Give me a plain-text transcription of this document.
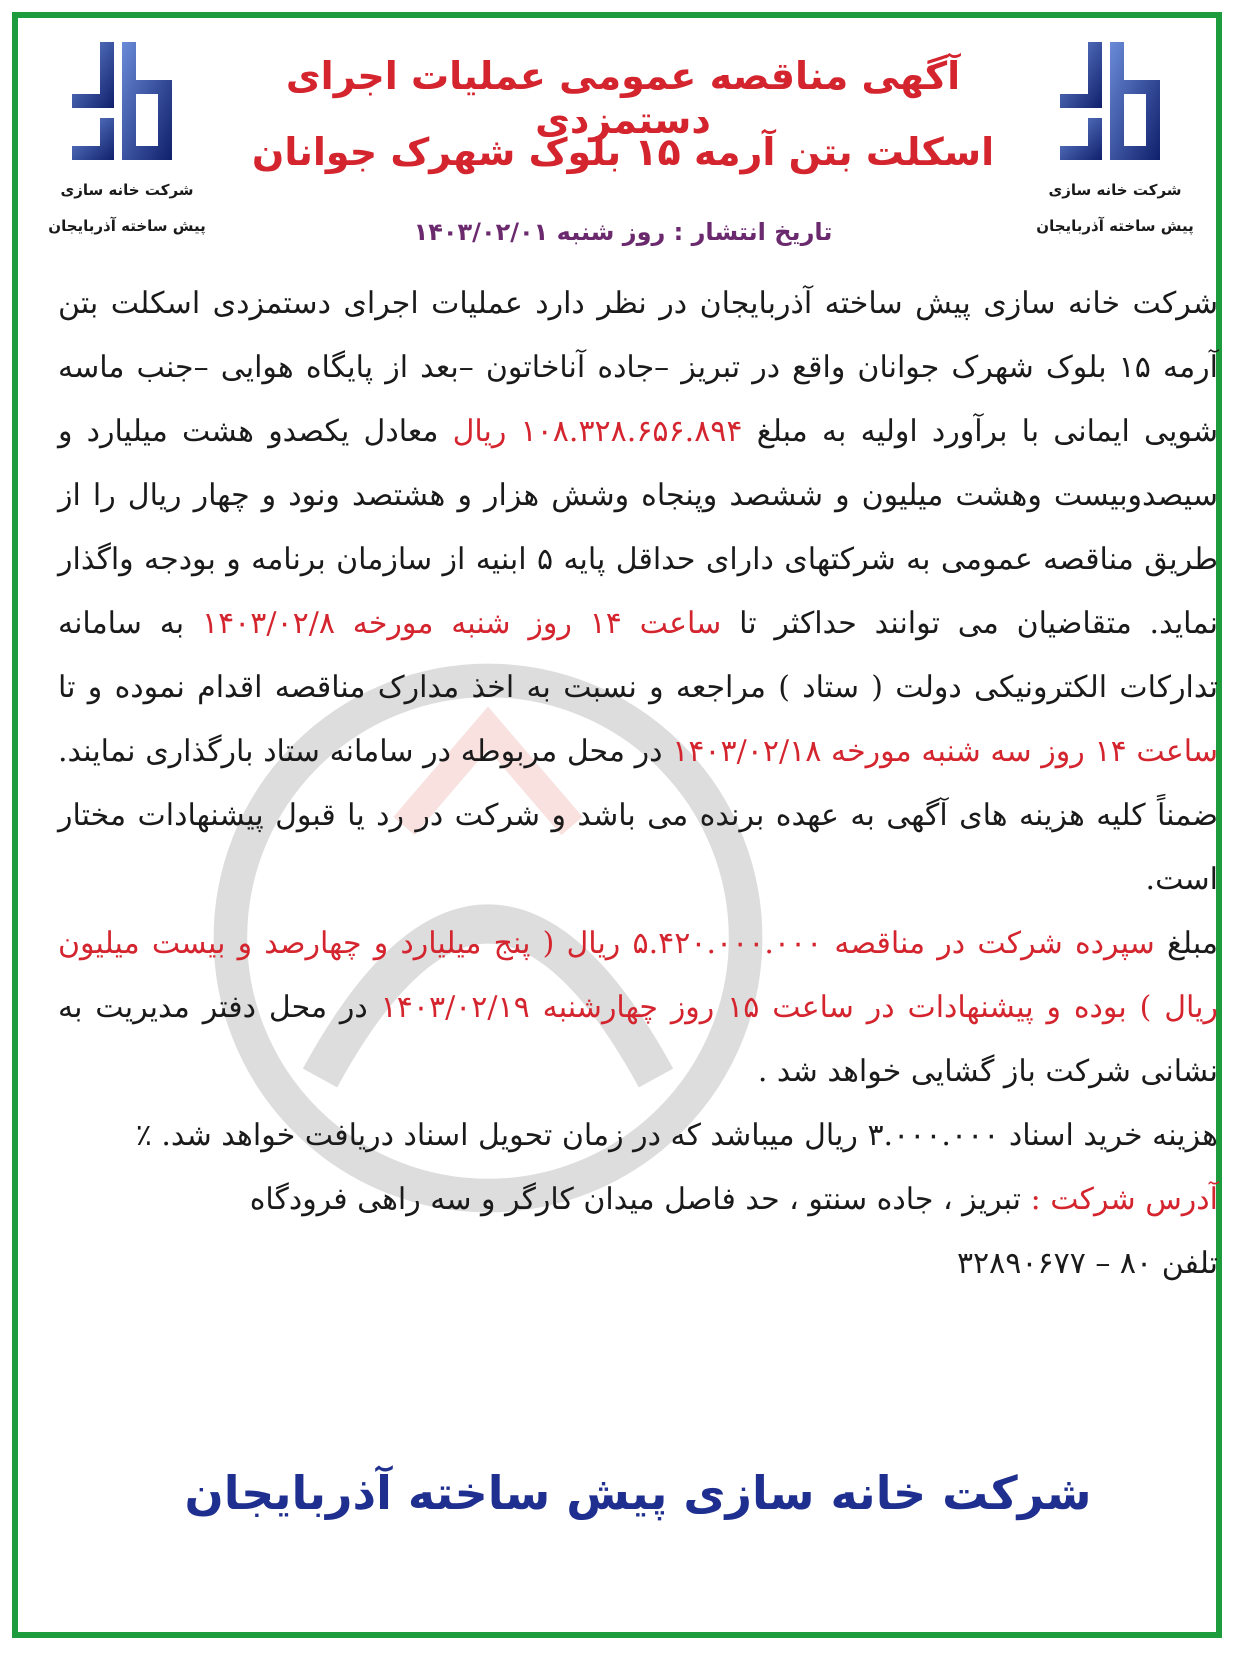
شرکت خانه سازی
پیش ساخته آذربایجان
شرکت خانه سازی
پیش ساخته آذربایجان
آگهی مناقصه عمومی عملیات اجرای دستمزدی
اسکلت بتن آرمه ۱۵ بلوک شهرک جوانان
تاریخ انتشار : روز شنبه ۱۴۰۳/۰۲/۰۱

شرکت خانه سازی پیش ساخته آذربایجان در نظر دارد عملیات اجرای دستمزدی اسکلت بتن آرمه ۱۵ بلوک شهرک جوانان واقع در تبریز –جاده آناخاتون –بعد از پایگاه هوایی –جنب ماسه شویی ایمانی با برآورد اولیه به مبلغ ۱۰۸.۳۲۸.۶۵۶.۸۹۴ ریال معادل یکصدو هشت میلیارد و سیصدوبیست وهشت میلیون و ششصد وپنجاه وشش هزار و هشتصد ونود و چهار ریال را از طریق مناقصه عمومی به شرکتهای دارای حداقل پایه ۵ ابنیه از سازمان برنامه و بودجه واگذار نماید. متقاضیان می توانند حداکثر تا ساعت ۱۴ روز شنبه مورخه ۱۴۰۳/۰۲/۸ به سامانه تدارکات الکترونیکی دولت ( ستاد ) مراجعه و نسبت به اخذ مدارک مناقصه اقدام نموده و تا ساعت ۱۴ روز سه شنبه مورخه ۱۴۰۳/۰۲/۱۸ در محل مربوطه در سامانه ستاد بارگذاری نمایند. ضمناً کلیه هزینه های آگهی به عهده برنده می باشد و شرکت در رد یا قبول پیشنهادات مختار است.

مبلغ سپرده شرکت در مناقصه ۵.۴۲۰.۰۰۰.۰۰۰ ریال ( پنج میلیارد و چهارصد و بیست میلیون ریال ) بوده و پیشنهادات در ساعت ۱۵ روز چهارشنبه ۱۴۰۳/۰۲/۱۹ در محل دفتر مدیریت به نشانی شرکت باز گشایی خواهد شد .

هزینه خرید اسناد ۳.۰۰۰.۰۰۰ ریال میباشد که در زمان تحویل اسناد دریافت خواهد شد. ٪

آدرس شرکت : تبریز ، جاده سنتو ، حد فاصل میدان کارگر و سه راهی فرودگاه

تلفن ۸۰ – ۳۲۸۹۰۶۷۷

شرکت خانه سازی پیش ساخته آذربایجان
